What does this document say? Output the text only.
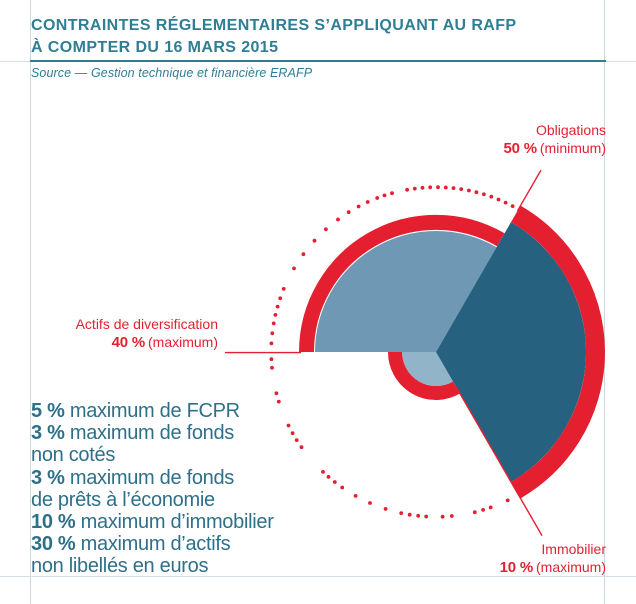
CONTRAINTES RÉGLEMENTAIRES S’APPLIQUANT AU RAFP
À COMPTER DU 16 MARS 2015
Source — Gestion technique et financière ERAFP
Obligations
50 % (minimum)
Actifs de diversification
40 % (maximum)
Immobilier
10 % (maximum)
5 % maximum de FCPR
3 % maximum de fonds
non cotés
3 % maximum de fonds
de prêts à l’économie
10 % maximum d’immobilier
30 % maximum d’actifs
non libellés en euros
